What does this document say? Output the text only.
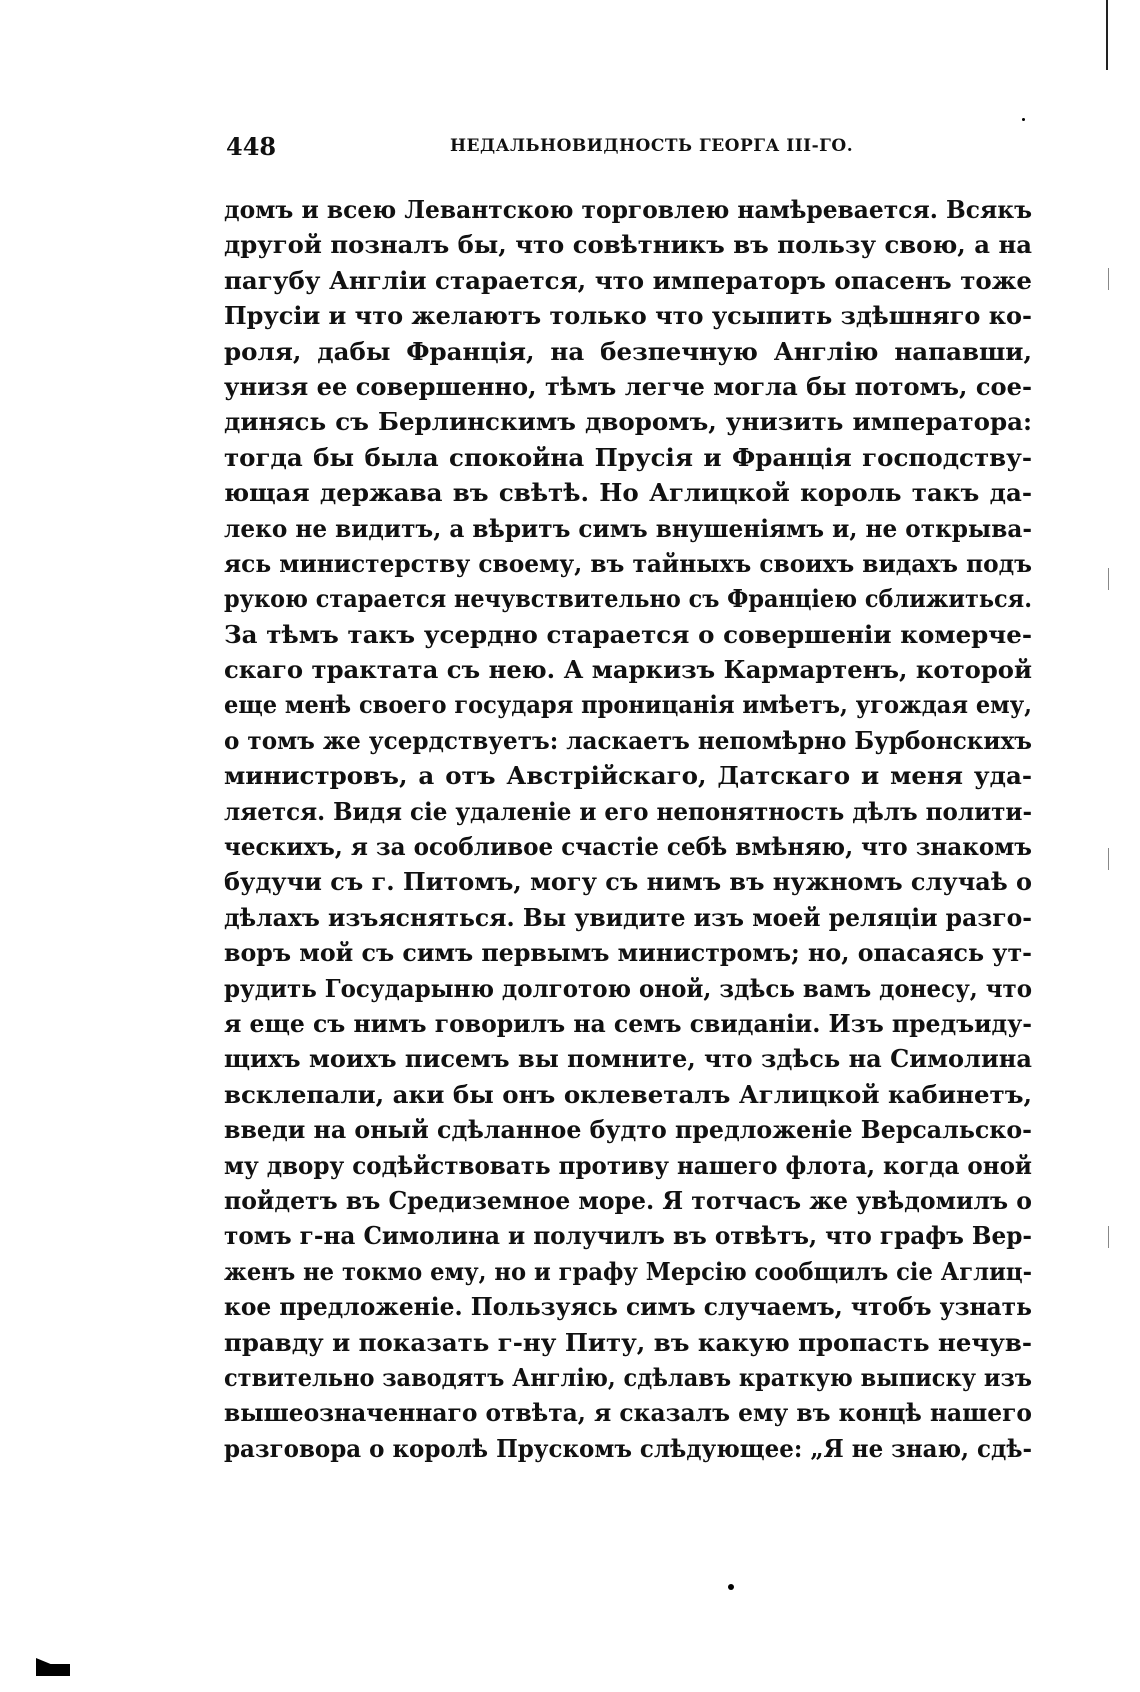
448	НЕДАЛЬНОВИДНОСТЬ ГЕОРГА III-ГО.
домъ и всею Левантскою торговлею намѣревается. Всякъ
другой позналъ бы, что совѣтникъ въ пользу свою, а на
пагубу Англіи старается, что императоръ опасенъ тожe
Прусіи и что желаютъ только что усыпить здѣшняго ко-
роля, дабы Франція, на безпечную Англію напавши,
унизя ее совершенно, тѣмъ легче могла бы потомъ, сое-
динясь съ Берлинскимъ дворомъ, унизить императора:
тогда бы была спокойна Прусія и Франція господству-
ющая держава въ свѣтѣ. Но Аглицкой король такъ да-
леко не видитъ, а вѣритъ симъ внушеніямъ и, не открыва-
ясь министерству своему, въ тайныхъ своихъ видахъ подъ
рукою старается нечувствительно съ Франціею сближиться.
За тѣмъ такъ усердно старается о совершеніи комерче-
скаго трактата съ нею. А маркизъ Кармартенъ, которой
еще менѣ своего государя проницанія имѣетъ, угождая ему,
о томъ же усердствуетъ: ласкаетъ непомѣрно Бурбонскихъ
министровъ, а отъ Австрійскаго, Датскаго и меня уда-
ляется. Видя сіе удаленіе и его непонятность дѣлъ полити-
ческихъ, я за особливое счастіе себѣ вмѣняю, что знакомъ
будучи съ г. Питомъ, могу съ нимъ въ нужномъ случаѣ о
дѣлахъ изъясняться. Вы увидите изъ моей реляціи разго-
воръ мой съ симъ первымъ министромъ; но, опасаясь ут-
рудить Государыню долготою оной, здѣсь вамъ донесу, что
я еще съ нимъ говорилъ на семъ свиданіи. Изъ предъиду-
щихъ моихъ писемъ вы помните, что здѣсь на Симолина
всклепали, аки бы онъ оклеветалъ Аглицкой кабинетъ,
введи на оный сдѣланное будто предложеніе Версальско-
му двору содѣйствовать противу нашего флота, когда оной
пойдетъ въ Средиземное море. Я тотчасъ же увѣдомилъ о
томъ г-на Симолина и получилъ въ отвѣтъ, что графъ Вер-
женъ не токмо ему, но и графу Мерсію сообщилъ сіе Аглиц-
кое предложеніе. Пользуясь симъ случаемъ, чтобъ узнать
правду и показать г-ну Питу, въ какую пропасть нечув-
ствительно заводятъ Англію, сдѣлавъ краткую выписку изъ
вышеозначеннаго отвѣта, я сказалъ ему въ концѣ нашего
разговора о королѣ Прускомъ слѣдующее: „Я не знаю, сдѣ-
